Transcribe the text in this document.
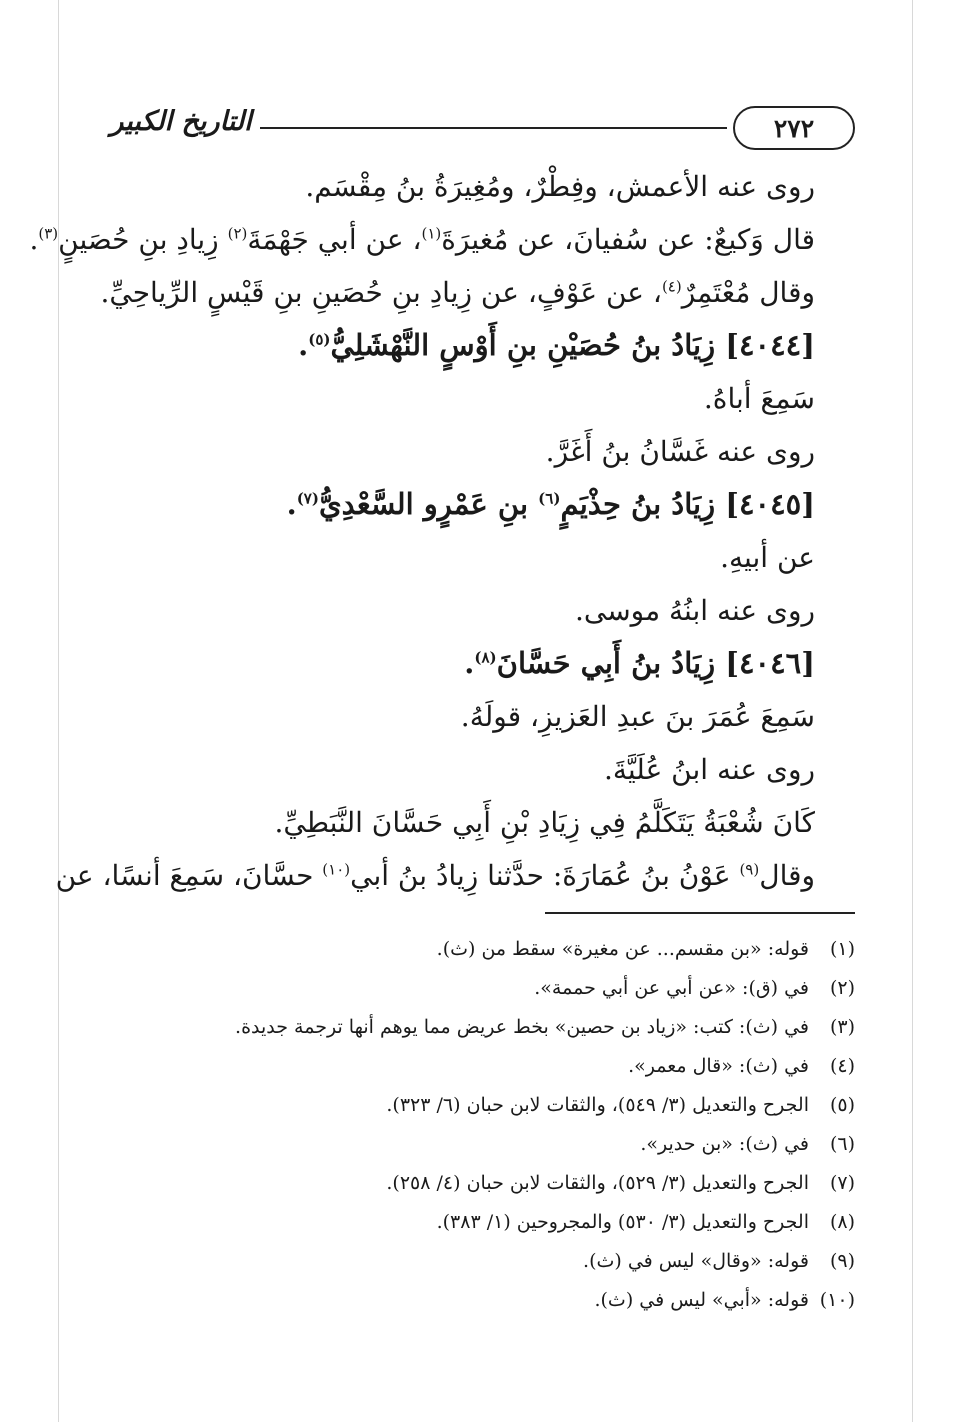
٢٧٢
التاريخ الكبير
روى عنه الأعمش، وفِطْرٌ، ومُغِيرَةُ بنُ مِقْسَم.
قال وَكيعٌ: عن سُفيانَ، عن مُغيرَةَ$^{(١)}$، عن أبي جَهْمَةَ$^{(٢)}$ زِيادِ بنِ حُصَينٍ$^{(٣)}$.
وقال مُعْتَمِرٌ$^{(٤)}$، عن عَوْفٍ، عن زِيادِ بنِ حُصَينِ بنِ قَيْسٍ الرِّياحِيِّ.
[٤٠٤٤] زِيَادُ بنُ حُصَيْنِ بنِ أَوْسٍ النَّهْشَلِيُّ$^{(٥)}$.
سَمِعَ أباهُ.
روى عنه غَسَّانُ بنُ أَغَرَّ.
[٤٠٤٥] زِيَادُ بنُ حِذْيَمٍ$^{(٦)}$ بنِ عَمْرٍو السَّعْدِيُّ$^{(٧)}$.
عن أبيهِ.
روى عنه ابنُهُ موسى.
[٤٠٤٦] زِيَادُ بنُ أَبِي حَسَّانَ$^{(٨)}$.
سَمِعَ عُمَرَ بنَ عبدِ العَزيزِ، قولَهُ.
روى عنه ابنُ عُلَيَّةَ.
كَانَ شُعْبَةُ يَتَكَلَّمُ فِي زِيَادِ بْنِ أَبِي حَسَّانَ النَّبَطِيِّ.
وقال$^{(٩)}$ عَوْنُ بنُ عُمَارَةَ: حدَّثنا زِيادُ بنُ أبي$^{(١٠)}$ حسَّانَ، سَمِعَ أنسًا، عن
(١)قوله: «بن مقسم... عن مغيرة» سقط من (ث).
(٢)في (ق): «عن أبي عن أبي حممة».
(٣)في (ث): كتب: «زياد بن حصين» بخط عريض مما يوهم أنها ترجمة جديدة.
(٤)في (ث): «قال معمر».
(٥)الجرح والتعديل (٣/ ٥٤٩)، والثقات لابن حبان (٦/ ٣٢٣).
(٦)في (ث): «بن حدير».
(٧)الجرح والتعديل (٣/ ٥٢٩)، والثقات لابن حبان (٤/ ٢٥٨).
(٨)الجرح والتعديل (٣/ ٥٣٠) والمجروحين (١/ ٣٨٣).
(٩)قوله: «وقال» ليس في (ث).
(١٠)قوله: «أبي» ليس في (ث).
